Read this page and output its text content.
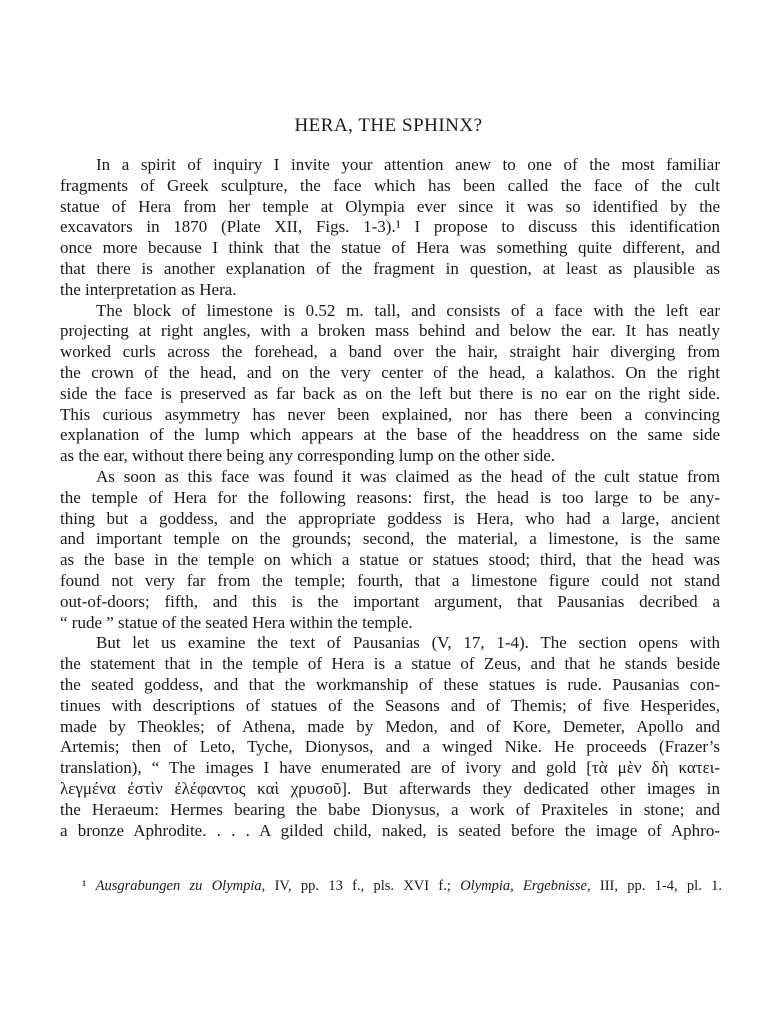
HERA, THE SPHINX?
In a spirit of inquiry I invite your attention anew to one of the most familiar
fragments of Greek sculpture, the face which has been called the face of the cult
statue of Hera from her temple at Olympia ever since it was so identified by the
excavators in 1870 (Plate XII, Figs. 1-3).¹ I propose to discuss this identification
once more because I think that the statue of Hera was something quite different, and
that there is another explanation of the fragment in question, at least as plausible as
the interpretation as Hera.
The block of limestone is 0.52 m. tall, and consists of a face with the left ear
projecting at right angles, with a broken mass behind and below the ear. It has neatly
worked curls across the forehead, a band over the hair, straight hair diverging from
the crown of the head, and on the very center of the head, a kalathos. On the right
side the face is preserved as far back as on the left but there is no ear on the right side.
This curious asymmetry has never been explained, nor has there been a convincing
explanation of the lump which appears at the base of the headdress on the same side
as the ear, without there being any corresponding lump on the other side.
As soon as this face was found it was claimed as the head of the cult statue from
the temple of Hera for the following reasons: first, the head is too large to be any-
thing but a goddess, and the appropriate goddess is Hera, who had a large, ancient
and important temple on the grounds; second, the material, a limestone, is the same
as the base in the temple on which a statue or statues stood; third, that the head was
found not very far from the temple; fourth, that a limestone figure could not stand
out-of-doors; fifth, and this is the important argument, that Pausanias decribed a
“ rude ” statue of the seated Hera within the temple.
But let us examine the text of Pausanias (V, 17, 1-4). The section opens with
the statement that in the temple of Hera is a statue of Zeus, and that he stands beside
the seated goddess, and that the workmanship of these statues is rude. Pausanias con-
tinues with descriptions of statues of the Seasons and of Themis; of five Hesperides,
made by Theokles; of Athena, made by Medon, and of Kore, Demeter, Apollo and
Artemis; then of Leto, Tyche, Dionysos, and a winged Nike. He proceeds (Frazer’s
translation), “ The images I have enumerated are of ivory and gold [τὰ μὲν δὴ κατει-
λεγμένα ἐστὶν ἐλέφαντος καὶ χρυσοῦ]. But afterwards they dedicated other images in
the Heraeum: Hermes bearing the babe Dionysus, a work of Praxiteles in stone; and
a bronze Aphrodite. . . . A gilded child, naked, is seated before the image of Aphro-
¹ Ausgrabungen zu Olympia, IV, pp. 13 f., pls. XVI f.; Olympia, Ergebnisse, III, pp. 1-4, pl. 1.
